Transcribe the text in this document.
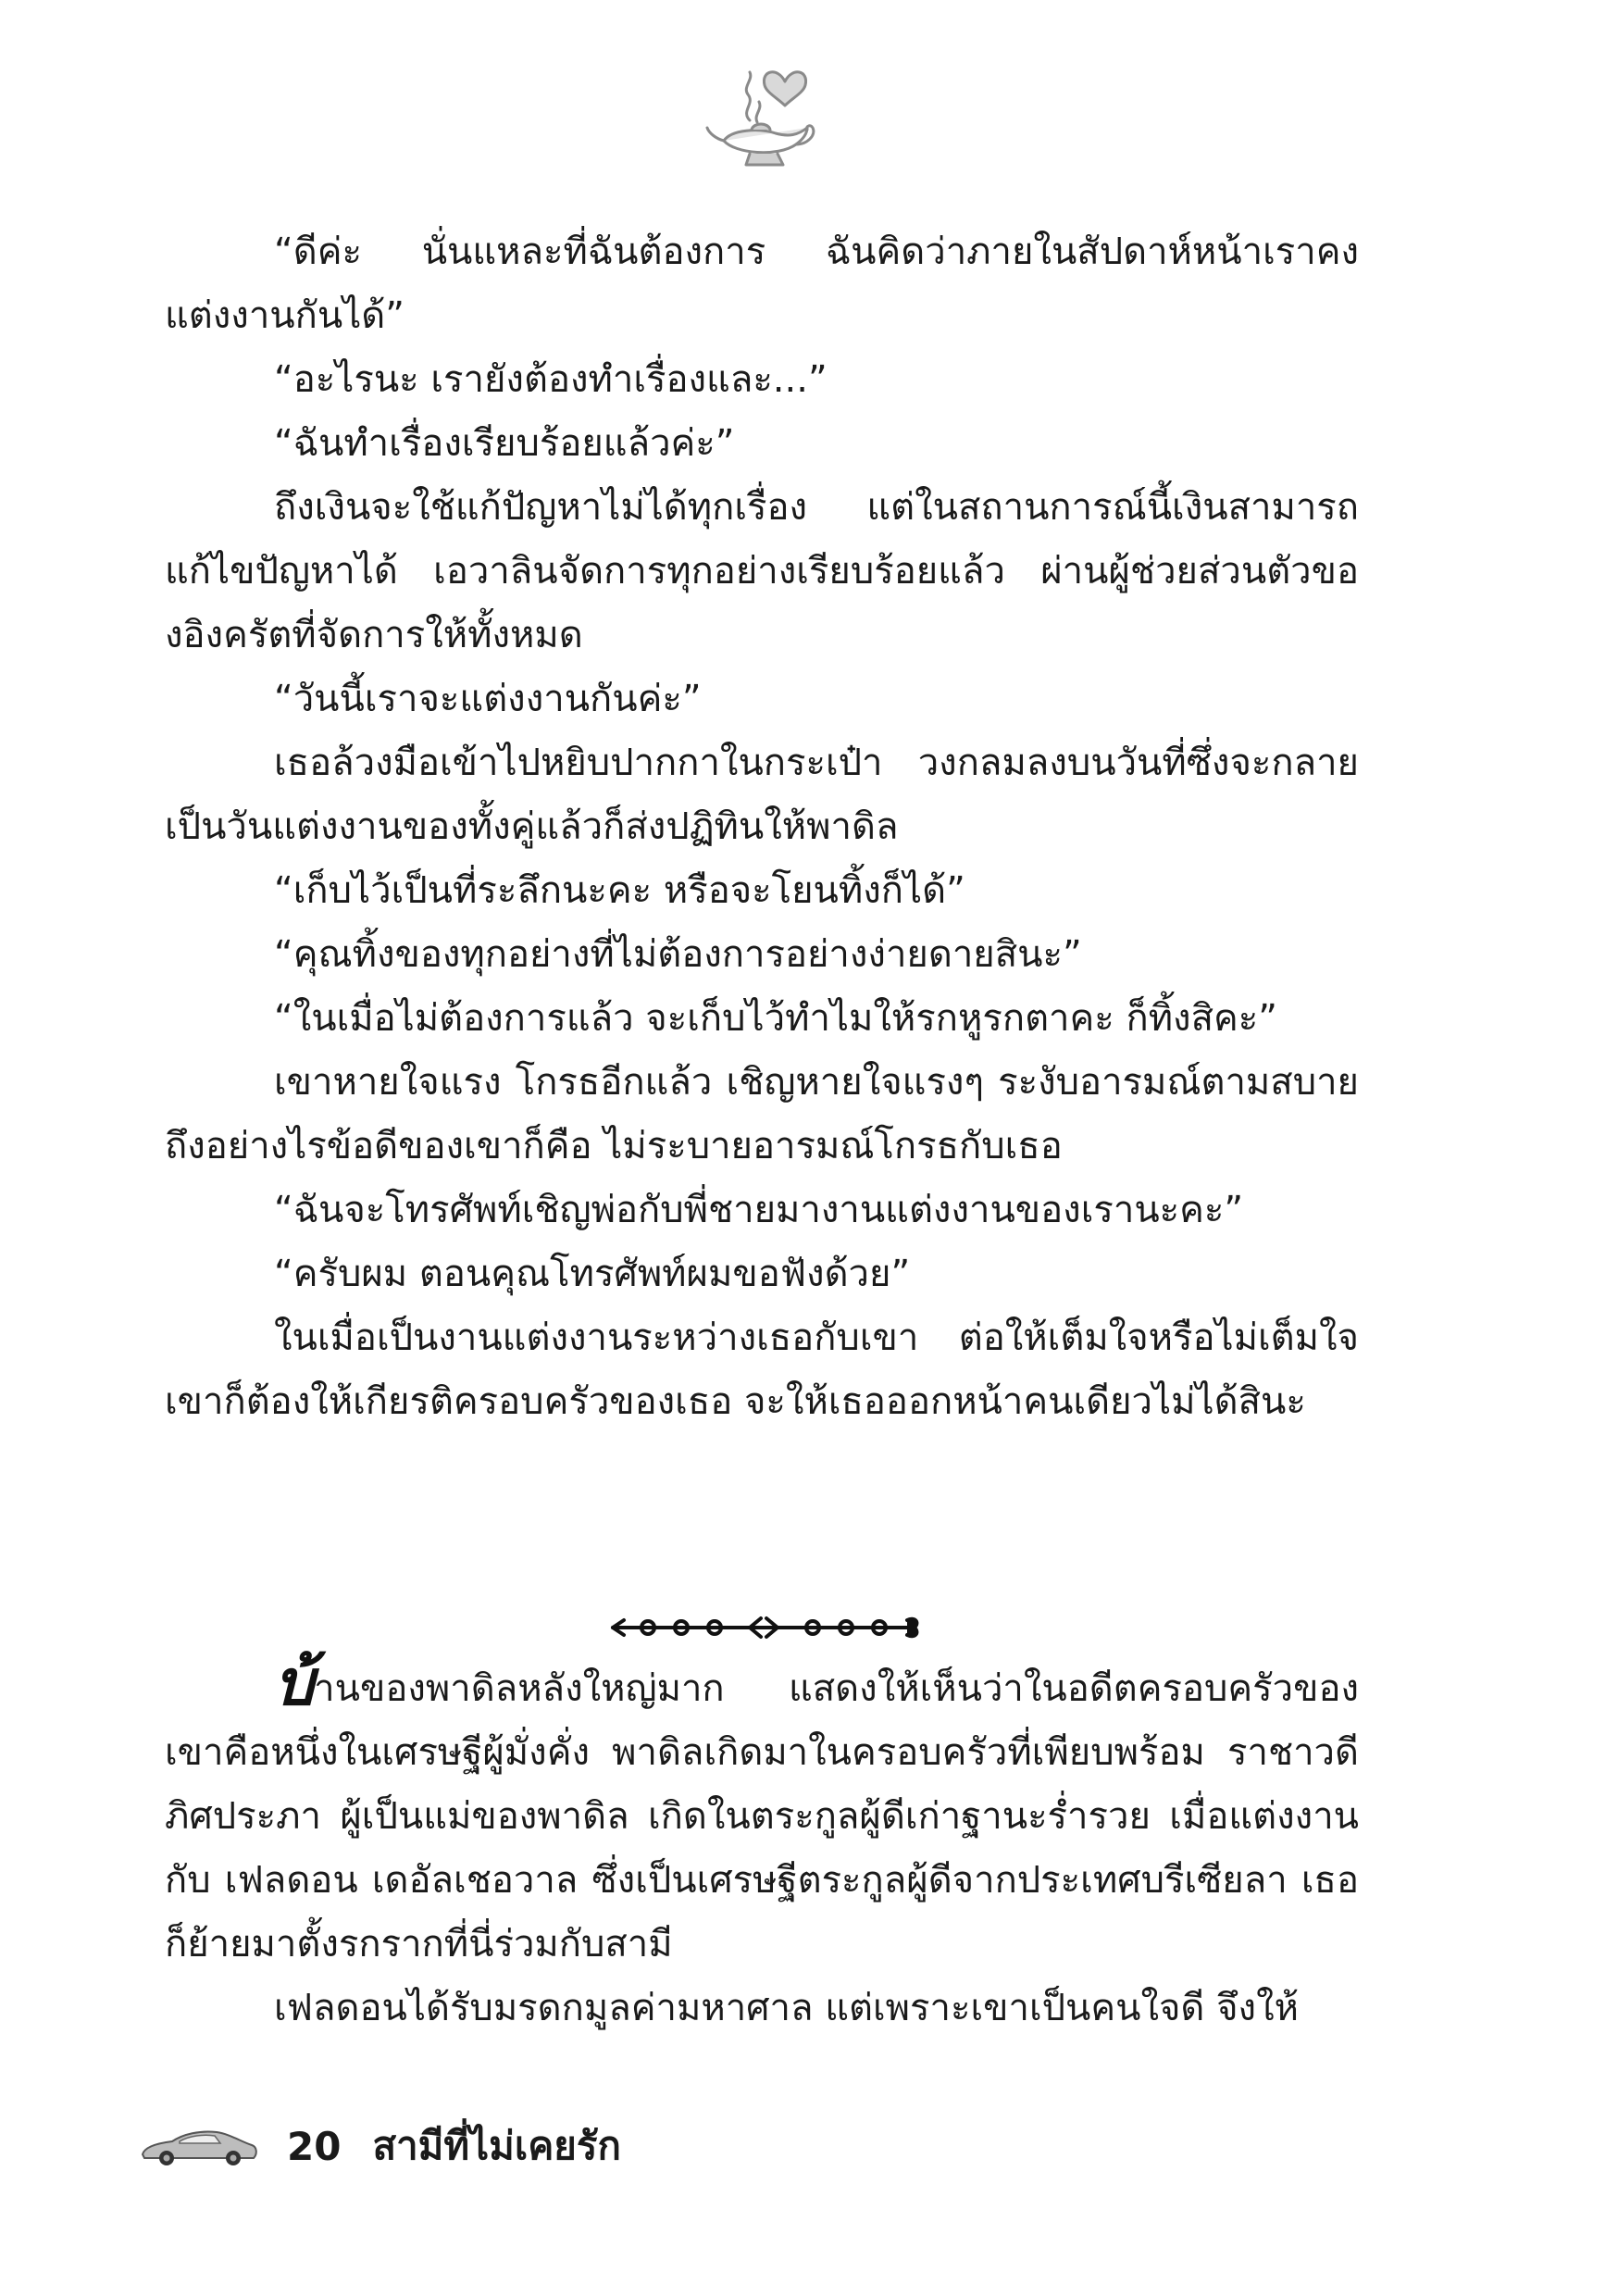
“ดีค่ะ นั่นแหละที่ฉันต้องการ ฉันคิดว่าภายในสัปดาห์หน้าเราคงแต่งงานกันได้”

“อะไรนะ เรายังต้องทำเรื่องและ...”

“ฉันทำเรื่องเรียบร้อยแล้วค่ะ”

ถึงเงินจะใช้แก้ปัญหาไม่ได้ทุกเรื่อง แต่ในสถานการณ์นี้เงินสามารถแก้ไขปัญหาได้ เอวาลินจัดการทุกอย่างเรียบร้อยแล้ว ผ่านผู้ช่วยส่วนตัวของอิงครัตที่จัดการให้ทั้งหมด

“วันนี้เราจะแต่งงานกันค่ะ”

เธอล้วงมือเข้าไปหยิบปากกาในกระเป๋า วงกลมลงบนวันที่ซึ่งจะกลายเป็นวันแต่งงานของทั้งคู่แล้วก็ส่งปฏิทินให้พาดิล

“เก็บไว้เป็นที่ระลึกนะคะ หรือจะโยนทิ้งก็ได้”

“คุณทิ้งของทุกอย่างที่ไม่ต้องการอย่างง่ายดายสินะ”

“ในเมื่อไม่ต้องการแล้ว จะเก็บไว้ทำไมให้รกหูรกตาคะ ก็ทิ้งสิคะ”

เขาหายใจแรง โกรธอีกแล้ว เชิญหายใจแรงๆ ระงับอารมณ์ตามสบาย ถึงอย่างไรข้อดีของเขาก็คือ ไม่ระบายอารมณ์โกรธกับเธอ

“ฉันจะโทรศัพท์เชิญพ่อกับพี่ชายมางานแต่งงานของเรานะคะ”

“ครับผม ตอนคุณโทรศัพท์ผมขอฟังด้วย”

ในเมื่อเป็นงานแต่งงานระหว่างเธอกับเขา ต่อให้เต็มใจหรือไม่เต็มใจ เขาก็ต้องให้เกียรติครอบครัวของเธอ จะให้เธอออกหน้าคนเดียวไม่ได้สินะ

บ้านของพาดิลหลังใหญ่มาก แสดงให้เห็นว่าในอดีตครอบครัวของเขาคือหนึ่งในเศรษฐีผู้มั่งคั่ง พาดิลเกิดมาในครอบครัวที่เพียบพร้อม ราชาวดี ภิศประภา ผู้เป็นแม่ของพาดิล เกิดในตระกูลผู้ดีเก่าฐานะร่ำรวย เมื่อแต่งงานกับ เฟลดอน เดอัลเชอวาล ซึ่งเป็นเศรษฐีตระกูลผู้ดีจากประเทศบรีเซียลา เธอก็ย้ายมาตั้งรกรากที่นี่ร่วมกับสามี

เฟลดอนได้รับมรดกมูลค่ามหาศาล แต่เพราะเขาเป็นคนใจดี จึงให้

20 สามีที่ไม่เคยรัก
